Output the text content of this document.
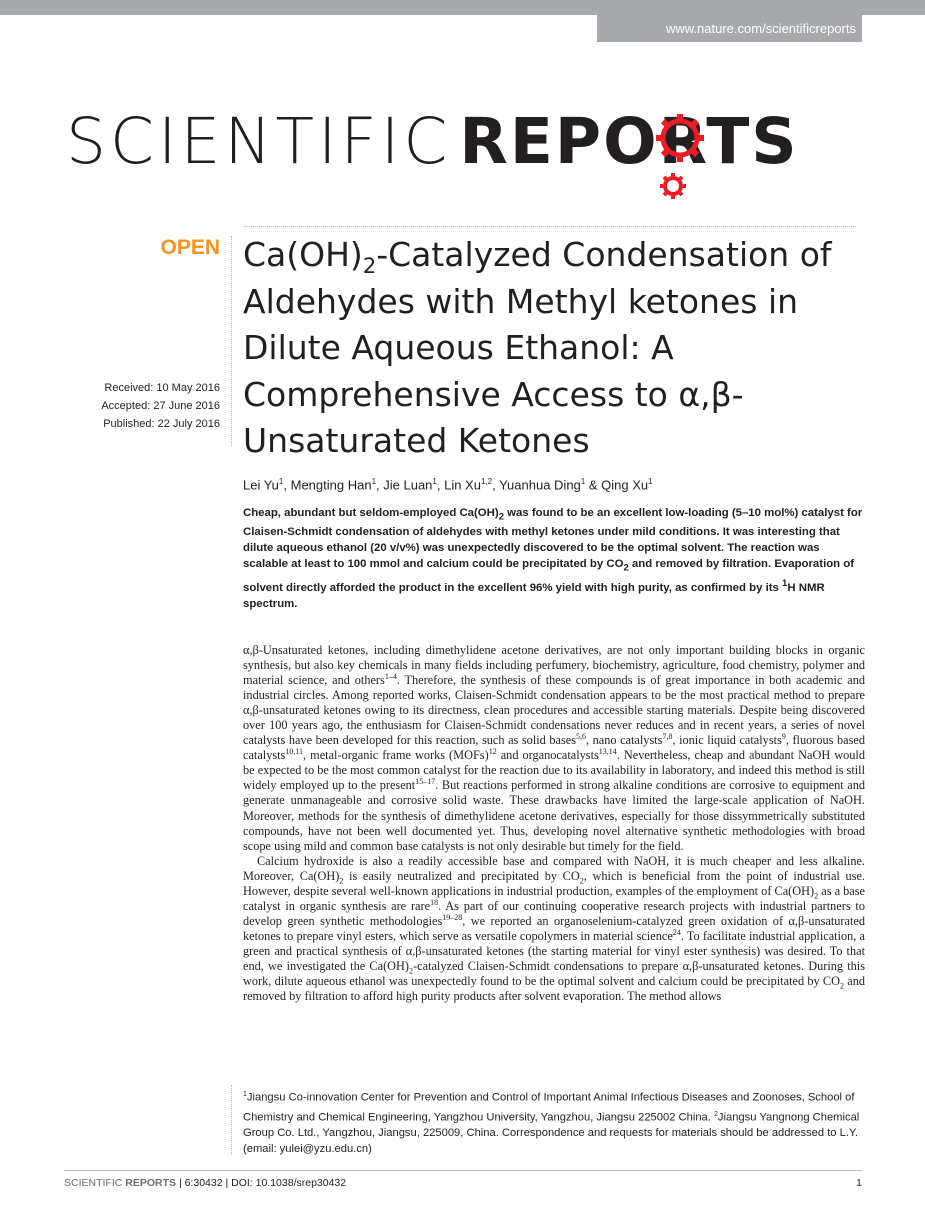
www.nature.com/scientificreports
SCIENTIFIC REPORTS
OPEN
Received: 10 May 2016
Accepted: 27 June 2016
Published: 22 July 2016
$Ca(OH)_2$-Catalyzed Condensation of Aldehydes with Methyl ketones in Dilute Aqueous Ethanol: A Comprehensive Access to α,β-Unsaturated Ketones
Lei Yu$^1$, Mengting Han$^1$, Jie Luan$^1$, Lin Xu$^{1,2}$, Yuanhua Ding$^1$ & Qing Xu$^1$
Cheap, abundant but seldom-employed $Ca(OH)_2$ was found to be an excellent low-loading (5–10 mol%) catalyst for Claisen-Schmidt condensation of aldehydes with methyl ketones under mild conditions. It was interesting that dilute aqueous ethanol (20 v/v%) was unexpectedly discovered to be the optimal solvent. The reaction was scalable at least to 100 mmol and calcium could be precipitated by $CO_2$ and removed by filtration. Evaporation of solvent directly afforded the product in the excellent 96% yield with high purity, as confirmed by its $^1$H NMR spectrum.

α,β-Unsaturated ketones, including dimethylidene acetone derivatives, are not only important building blocks in organic synthesis, but also key chemicals in many fields including perfumery, biochemistry, agriculture, food chemistry, polymer and material science, and others$^{1-4}$. Therefore, the synthesis of these compounds is of great importance in both academic and industrial circles. Among reported works, Claisen-Schmidt condensation appears to be the most practical method to prepare α,β-unsaturated ketones owing to its directness, clean procedures and accessible starting materials. Despite being discovered over 100 years ago, the enthusiasm for Claisen-Schmidt condensations never reduces and in recent years, a series of novel catalysts have been developed for this reaction, such as solid bases$^{5,6}$, nano catalysts$^{7,8}$, ionic liquid catalysts$^9$, fluorous based catalysts$^{10,11}$, metal-organic frame works (MOFs)$^{12}$ and organocatalysts$^{13,14}$. Nevertheless, cheap and abundant NaOH would be expected to be the most common catalyst for the reaction due to its availability in laboratory, and indeed this method is still widely employed up to the present$^{15-17}$. But reactions performed in strong alkaline conditions are corrosive to equipment and generate unmanageable and corrosive solid waste. These drawbacks have limited the large-scale application of NaOH. Moreover, methods for the synthesis of dimethylidene acetone derivatives, especially for those dissymmetrically substituted compounds, have not been well documented yet. Thus, developing novel alternative synthetic methodologies with broad scope using mild and common base catalysts is not only desirable but timely for the field.

Calcium hydroxide is also a readily accessible base and compared with NaOH, it is much cheaper and less alkaline. Moreover, $Ca(OH)_2$ is easily neutralized and precipitated by $CO_2$, which is beneficial from the point of industrial use. However, despite several well-known applications in industrial production, examples of the employment of $Ca(OH)_2$ as a base catalyst in organic synthesis are rare$^{18}$. As part of our continuing cooperative research projects with industrial partners to develop green synthetic methodologies$^{19-28}$, we reported an organoselenium-catalyzed green oxidation of α,β-unsaturated ketones to prepare vinyl esters, which serve as versatile copolymers in material science$^{24}$. To facilitate industrial application, a green and practical synthesis of α,β-unsaturated ketones (the starting material for vinyl ester synthesis) was desired. To that end, we investigated the $Ca(OH)_2$-catalyzed Claisen-Schmidt condensations to prepare α,β-unsaturated ketones. During this work, dilute aqueous ethanol was unexpectedly found to be the optimal solvent and calcium could be precipitated by $CO_2$ and removed by filtration to afford high purity products after solvent evaporation. The method allows

$^1$Jiangsu Co-innovation Center for Prevention and Control of Important Animal Infectious Diseases and Zoonoses, School of Chemistry and Chemical Engineering, Yangzhou University, Yangzhou, Jiangsu 225002 China. $^2$Jiangsu Yangnong Chemical Group Co. Ltd., Yangzhou, Jiangsu, 225009, China. Correspondence and requests for materials should be addressed to L.Y. (email: yulei@yzu.edu.cn)
SCIENTIFIC REPORTS | 6:30432 | DOI: 10.1038/srep30432	1
